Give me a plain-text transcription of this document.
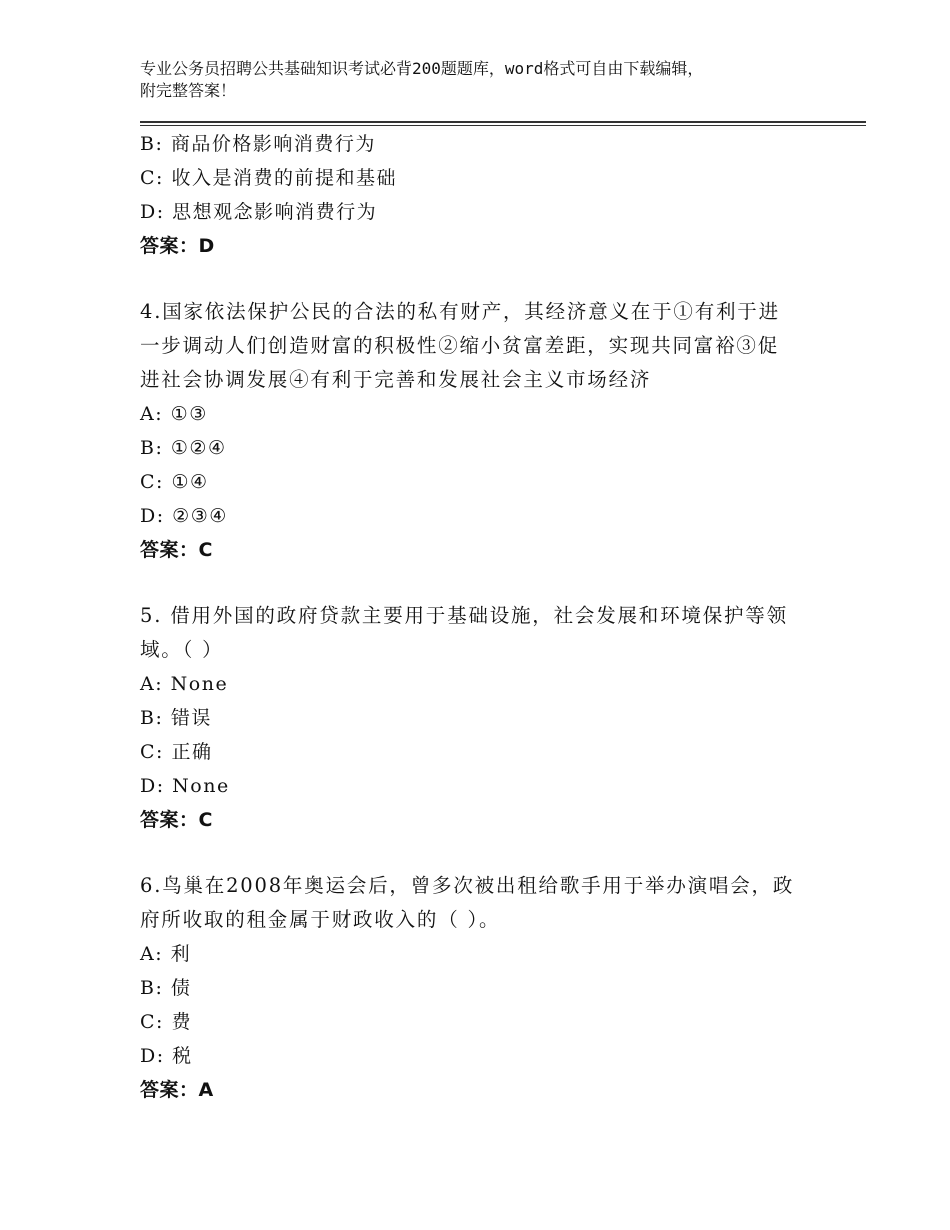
专业公务员招聘公共基础知识考试必背200题题库，word格式可自由下载编辑，
附完整答案！
B: 商品价格影响消费行为
C: 收入是消费的前提和基础
D: 思想观念影响消费行为
答案：D
4.国家依法保护公民的合法的私有财产，其经济意义在于①有利于进
一步调动人们创造财富的积极性②缩小贫富差距，实现共同富裕③促
进社会协调发展④有利于完善和发展社会主义市场经济
A: ①③
B: ①②④
C: ①④
D: ②③④
答案：C
5. 借用外国的政府贷款主要用于基础设施，社会发展和环境保护等领
域。（ ）
A: None
B: 错误
C: 正确
D: None
答案：C
6.鸟巢在2008年奥运会后，曾多次被出租给歌手用于举办演唱会，政
府所收取的租金属于财政收入的（ ）。
A: 利
B: 债
C: 费
D: 税
答案：A
